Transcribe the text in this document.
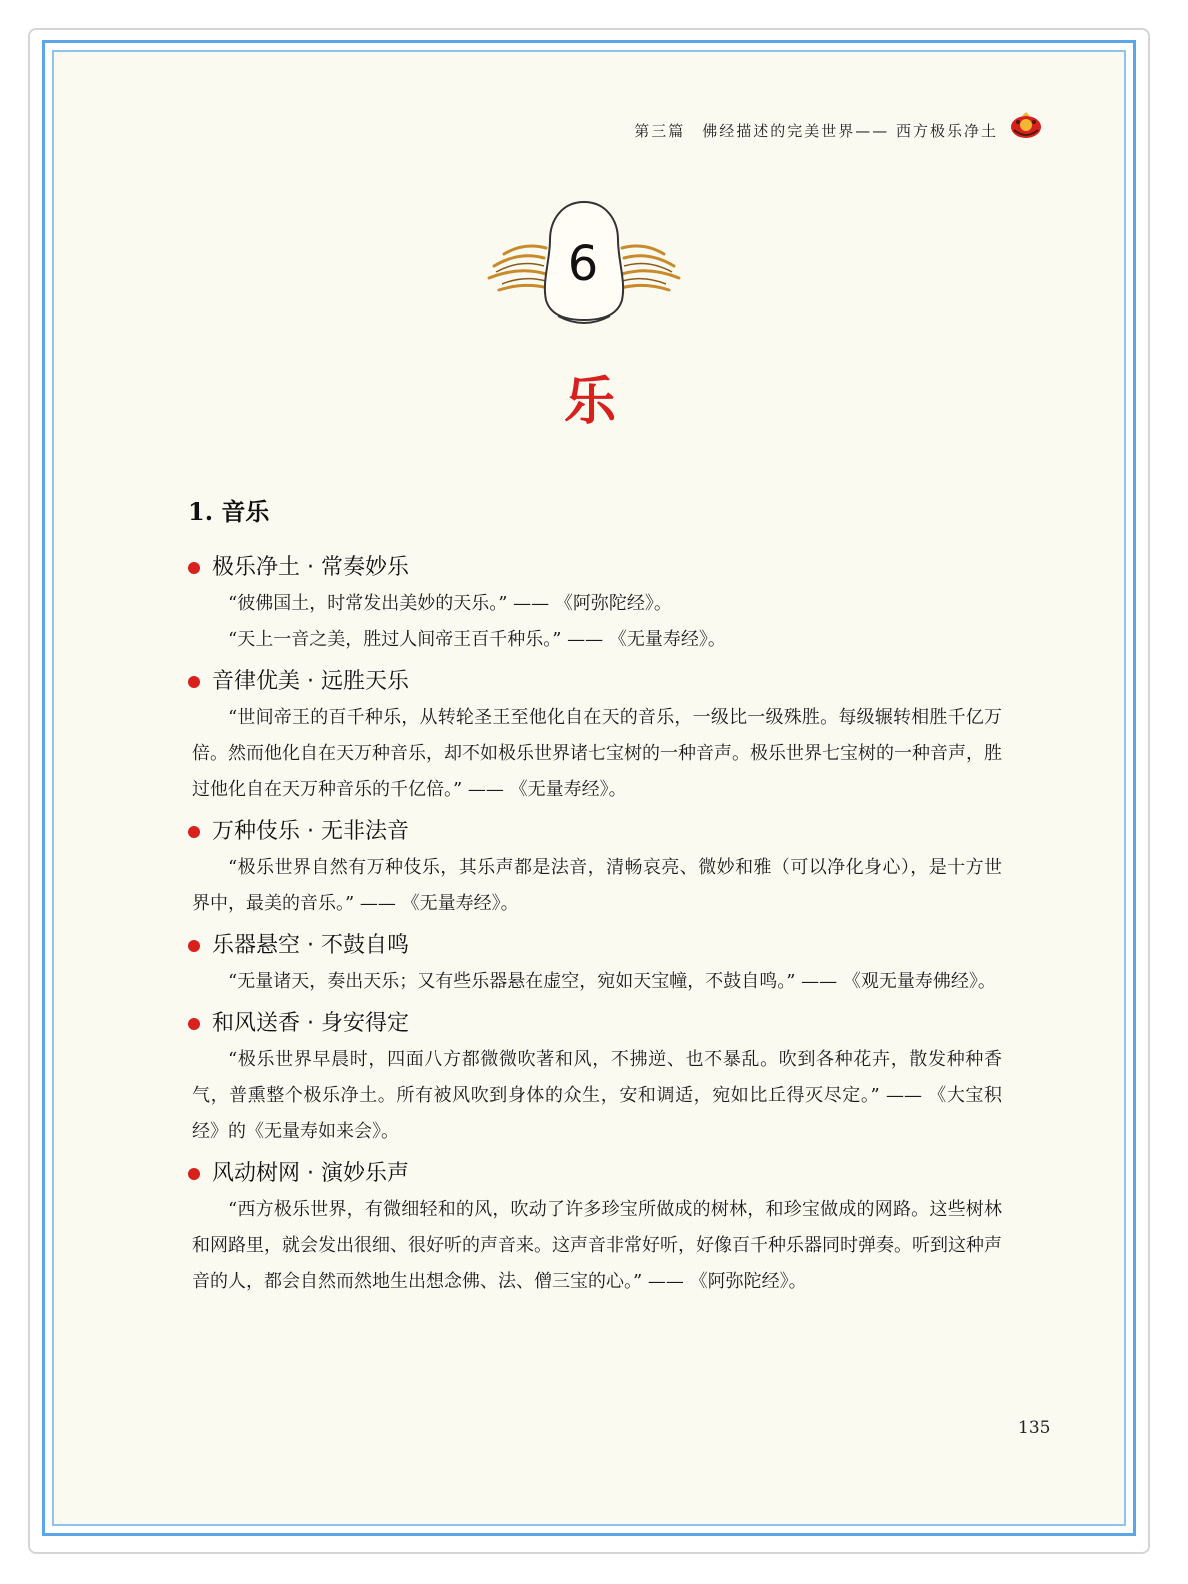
第三篇　佛经描述的完美世界—— 西方极乐净土
6
乐
1. 音乐
极乐净土 · 常奏妙乐

“彼佛国土，时常发出美妙的天乐。” —— 《阿弥陀经》。

“天上一音之美，胜过人间帝王百千种乐。” —— 《无量寿经》。

音律优美 · 远胜天乐

“世间帝王的百千种乐，从转轮圣王至他化自在天的音乐，一级比一级殊胜。每级辗转相胜千亿万倍。然而他化自在天万种音乐，却不如极乐世界诸七宝树的一种音声。极乐世界七宝树的一种音声，胜过他化自在天万种音乐的千亿倍。” —— 《无量寿经》。

万种伎乐 · 无非法音

“极乐世界自然有万种伎乐，其乐声都是法音，清畅哀亮、微妙和雅（可以净化身心），是十方世界中，最美的音乐。” —— 《无量寿经》。

乐器悬空 · 不鼓自鸣

“无量诸天，奏出天乐；又有些乐器悬在虚空，宛如天宝幢，不鼓自鸣。” —— 《观无量寿佛经》。

和风送香 · 身安得定

“极乐世界早晨时，四面八方都微微吹著和风，不拂逆、也不暴乱。吹到各种花卉，散发种种香气，普熏整个极乐净土。所有被风吹到身体的众生，安和调适，宛如比丘得灭尽定。” —— 《大宝积经》的《无量寿如来会》。

风动树网 · 演妙乐声

“西方极乐世界，有微细轻和的风，吹动了许多珍宝所做成的树林，和珍宝做成的网路。这些树林和网路里，就会发出很细、很好听的声音来。这声音非常好听，好像百千种乐器同时弹奏。听到这种声音的人，都会自然而然地生出想念佛、法、僧三宝的心。” —— 《阿弥陀经》。

135
